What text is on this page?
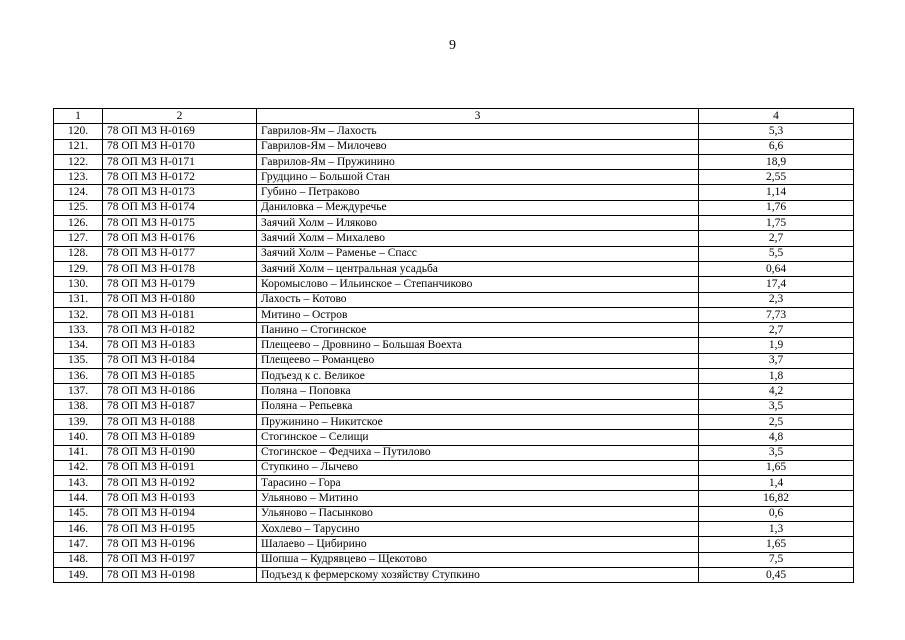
9
1	2	3	4
120.	78 ОП МЗ Н-0169	Гаврилов-Ям – Лахость	5,3
121.	78 ОП МЗ Н-0170	Гаврилов-Ям – Милочево	6,6
122.	78 ОП МЗ Н-0171	Гаврилов-Ям – Пружинино	18,9
123.	78 ОП МЗ Н-0172	Грудцино – Большой Стан	2,55
124.	78 ОП МЗ Н-0173	Губино – Петраково	1,14
125.	78 ОП МЗ Н-0174	Даниловка – Междуречье	1,76
126.	78 ОП МЗ Н-0175	Заячий Холм – Иляково	1,75
127.	78 ОП МЗ Н-0176	Заячий Холм – Михалево	2,7
128.	78 ОП МЗ Н-0177	Заячий Холм – Раменье – Спасс	5,5
129.	78 ОП МЗ Н-0178	Заячий Холм – центральная усадьба	0,64
130.	78 ОП МЗ Н-0179	Коромыслово – Ильинское – Степанчиково	17,4
131.	78 ОП МЗ Н-0180	Лахость – Котово	2,3
132.	78 ОП МЗ Н-0181	Митино – Остров	7,73
133.	78 ОП МЗ Н-0182	Панино – Стогинское	2,7
134.	78 ОП МЗ Н-0183	Плещеево – Дровнино – Большая Воехта	1,9
135.	78 ОП МЗ Н-0184	Плещеево – Романцево	3,7
136.	78 ОП МЗ Н-0185	Подъезд к с. Великое	1,8
137.	78 ОП МЗ Н-0186	Поляна – Поповка	4,2
138.	78 ОП МЗ Н-0187	Поляна – Репьевка	3,5
139.	78 ОП МЗ Н-0188	Пружинино – Никитское	2,5
140.	78 ОП МЗ Н-0189	Стогинское – Селищи	4,8
141.	78 ОП МЗ Н-0190	Стогинское – Федчиха – Путилово	3,5
142.	78 ОП МЗ Н-0191	Ступкино – Лычево	1,65
143.	78 ОП МЗ Н-0192	Тарасино – Гора	1,4
144.	78 ОП МЗ Н-0193	Ульяново – Митино	16,82
145.	78 ОП МЗ Н-0194	Ульяново – Пасынково	0,6
146.	78 ОП МЗ Н-0195	Хохлево – Тарусино	1,3
147.	78 ОП МЗ Н-0196	Шалаево – Цибирино	1,65
148.	78 ОП МЗ Н-0197	Шопша – Кудрявцево – Щекотово	7,5
149.	78 ОП МЗ Н-0198	Подъезд к фермерскому хозяйству Ступкино	0,45
